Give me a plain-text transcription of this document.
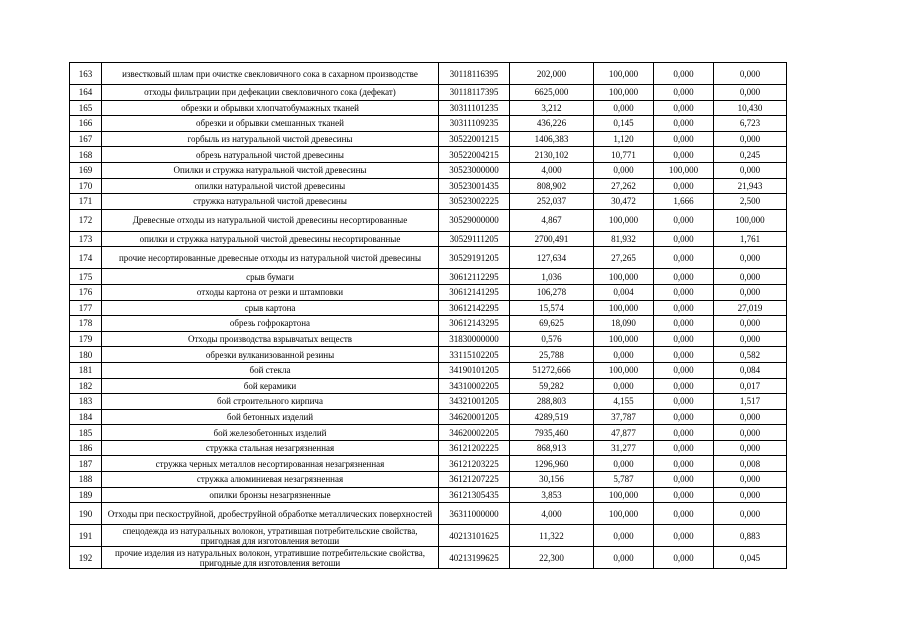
163	известковый шлам при очистке свекловичного сока в сахарном производстве	30118116395	202,000	100,000	0,000	0,000
164	отходы фильтрации при дефекации свекловичного сока (дефекат)	30118117395	6625,000	100,000	0,000	0,000
165	обрезки и обрывки хлопчатобумажных тканей	30311101235	3,212	0,000	0,000	10,430
166	обрезки и обрывки смешанных тканей	30311109235	436,226	0,145	0,000	6,723
167	горбыль из натуральной чистой древесины	30522001215	1406,383	1,120	0,000	0,000
168	обрезь натуральной чистой древесины	30522004215	2130,102	10,771	0,000	0,245
169	Опилки и стружка натуральной чистой древесины	30523000000	4,000	0,000	100,000	0,000
170	опилки натуральной чистой древесины	30523001435	808,902	27,262	0,000	21,943
171	стружка натуральной чистой древесины	30523002225	252,037	30,472	1,666	2,500
172	Древесные отходы из натуральной чистой древесины несортированные	30529000000	4,867	100,000	0,000	100,000
173	опилки и стружка натуральной чистой древесины несортированные	30529111205	2700,491	81,932	0,000	1,761
174	прочие несортированные древесные отходы из натуральной чистой древесины	30529191205	127,634	27,265	0,000	0,000
175	срыв бумаги	30612112295	1,036	100,000	0,000	0,000
176	отходы картона от резки и штамповки	30612141295	106,278	0,004	0,000	0,000
177	срыв картона	30612142295	15,574	100,000	0,000	27,019
178	обрезь гофрокартона	30612143295	69,625	18,090	0,000	0,000
179	Отходы производства взрывчатых веществ	31830000000	0,576	100,000	0,000	0,000
180	обрезки вулканизованной резины	33115102205	25,788	0,000	0,000	0,582
181	бой стекла	34190101205	51272,666	100,000	0,000	0,084
182	бой керамики	34310002205	59,282	0,000	0,000	0,017
183	бой строительного кирпича	34321001205	288,803	4,155	0,000	1,517
184	бой бетонных изделий	34620001205	4289,519	37,787	0,000	0,000
185	бой железобетонных изделий	34620002205	7935,460	47,877	0,000	0,000
186	стружка стальная незагрязненная	36121202225	868,913	31,277	0,000	0,000
187	стружка черных металлов несортированная незагрязненная	36121203225	1296,960	0,000	0,000	0,008
188	стружка алюминиевая незагрязненная	36121207225	30,156	5,787	0,000	0,000
189	опилки бронзы незагрязненные	36121305435	3,853	100,000	0,000	0,000
190	Отходы при пескоструйной, дробеструйной обработке металлических поверхностей	36311000000	4,000	100,000	0,000	0,000
191	спецодежда из натуральных волокон, утратившая потребительские свойства, пригодная для изготовления ветоши	40213101625	11,322	0,000	0,000	0,883
192	прочие изделия из натуральных волокон, утратившие потребительские свойства, пригодные для изготовления ветоши	40213199625	22,300	0,000	0,000	0,045
